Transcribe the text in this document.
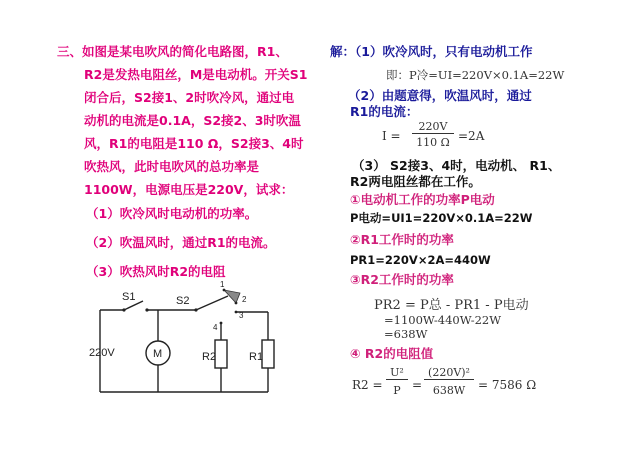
三、如图是某电吹风的简化电路图，R1、
R2是发热电阻丝，M是电动机。开关S1
闭合后，S2接1、2时吹冷风，通过电
动机的电流是0.1A，S2接2、3时吹温
风，R1的电阻是110 Ω，S2接3、4时
吹热风，此时电吹风的总功率是
1100W，电源电压是220V，试求：
（1）吹冷风时电动机的功率。
（2）吹温风时，通过R1的电流。
（3）吹热风时R2的电阻
S1	S2
220V	M	R2	R1
1
2
3
4
解：（1）吹冷风时，只有电动机工作
即：P冷=UI=220V×0.1A=22W
（2）由题意得，吹温风时，通过
R1的电流：
I =
220V
110 Ω =2A
（3） S2接3、4时，电动机、 R1、
R2两电阻丝都在工作。
①电动机工作的功率P电动
P电动=UI1=220V×0.1A=22W
②R1工作时的功率
PR1=220V×2A=440W
③R2工作时的功率
PR2 = P总 - PR1 - P电动
=1100W-440W-22W
=638W
④ R2的电阻值
R2 =
U²
P =
(220V)²
638W	= 7586 Ω
